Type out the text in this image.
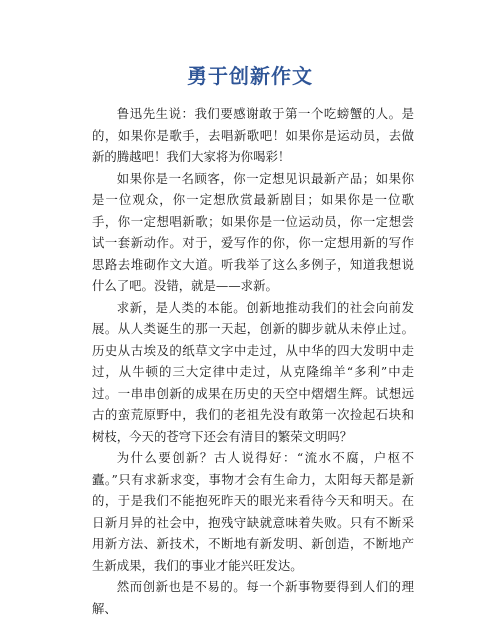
勇于创新作文

鲁迅先生说：我们要感谢敢于第一个吃螃蟹的人。是的，如果你是歌手，去唱新歌吧！如果你是运动员，去做新的腾越吧！我们大家将为你喝彩！

如果你是一名顾客，你一定想见识最新产品；如果你是一位观众，你一定想欣赏最新剧目；如果你是一位歌手，你一定想唱新歌；如果你是一位运动员，你一定想尝试一套新动作。对于，爱写作的你，你一定想用新的写作思路去堆砌作文大道。听我举了这么多例子，知道我想说什么了吧。没错，就是——求新。

求新，是人类的本能。创新地推动我们的社会向前发展。从人类诞生的那一天起，创新的脚步就从未停止过。历史从古埃及的纸草文字中走过，从中华的四大发明中走过，从牛顿的三大定律中走过，从克隆绵羊“多利”中走过。一串串创新的成果在历史的天空中熠熠生辉。试想远古的蛮荒原野中，我们的老祖先没有敢第一次捡起石块和树枝，今天的苍穹下还会有清目的繁荣文明吗？

为什么要创新？古人说得好：“流水不腐，户枢不蠹。”只有求新求变，事物才会有生命力，太阳每天都是新的，于是我们不能抱死昨天的眼光来看待今天和明天。在日新月异的社会中，抱残守缺就意味着失败。只有不断采用新方法、新技术，不断地有新发明、新创造，不断地产生新成果，我们的事业才能兴旺发达。

然而创新也是不易的。每一个新事物要得到人们的理解、
